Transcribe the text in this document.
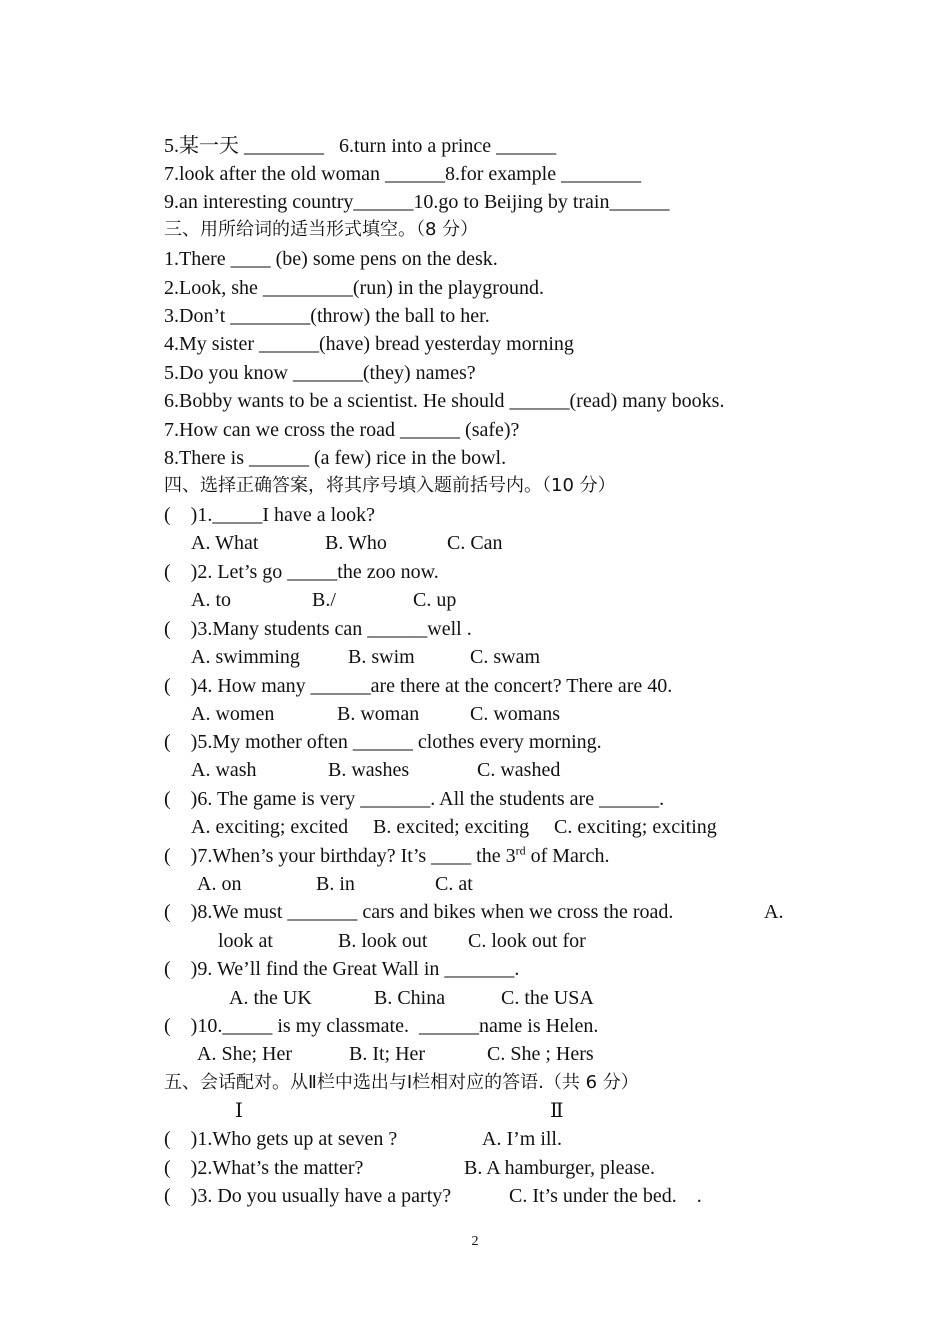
5.某一天 ________   6.turn into a prince ______
7.look after the old woman ______8.for example ________
9.an interesting country______10.go to Beijing by train______
三、用所给词的适当形式填空。（8 分）
1.There ____ (be) some pens on the desk.
2.Look, she _________(run) in the playground.
3.Don’t ________(throw) the ball to her.
4.My sister ______(have) bread yesterday morning
5.Do you know _______(they) names?
6.Bobby wants to be a scientist. He should ______(read) many books.
7.How can we cross the road ______ (safe)?
8.There is ______ (a few) rice in the bowl.
四、选择正确答案，将其序号填入题前括号内。（10 分）
(    )1._____I have a look?
A. What	B. Who	C. Can
(    )2. Let’s go _____the zoo now.
A. to	B./	C. up
(    )3.Many students can ______well .
A. swimming B. swim	C. swam
(    )4. How many ______are there at the concert? There are 40.
A. women	B. woman	C. womans
(    )5.My mother often ______ clothes every morning.
A. wash	B. washes	C. washed
(    )6. The game is very _______. All the students are ______.
A. exciting; excited B. excited; exciting C. exciting; exciting
(    )7.When’s your birthday? It’s ____ the 3rd of March.
A. on	B. in	C. at
(    )8.We must _______ cars and bikes when we cross the road.	A.
look at	B. look out C. look out for
(    )9. We’ll find the Great Wall in _______.
A. the UK	B. China	C. the USA
(    )10._____ is my classmate.  ______name is Helen.
A. She; Her	B. It; Her	C. She ; Hers
五、会话配对。从Ⅱ栏中选出与Ⅰ栏相对应的答语.（共 6 分）
Ⅰ	Ⅱ
(    )1.Who gets up at seven ?	A. I’m ill.
(    )2.What’s the matter?	B. A hamburger, please.
(    )3. Do you usually have a party?	C. It’s under the bed.    .
2
